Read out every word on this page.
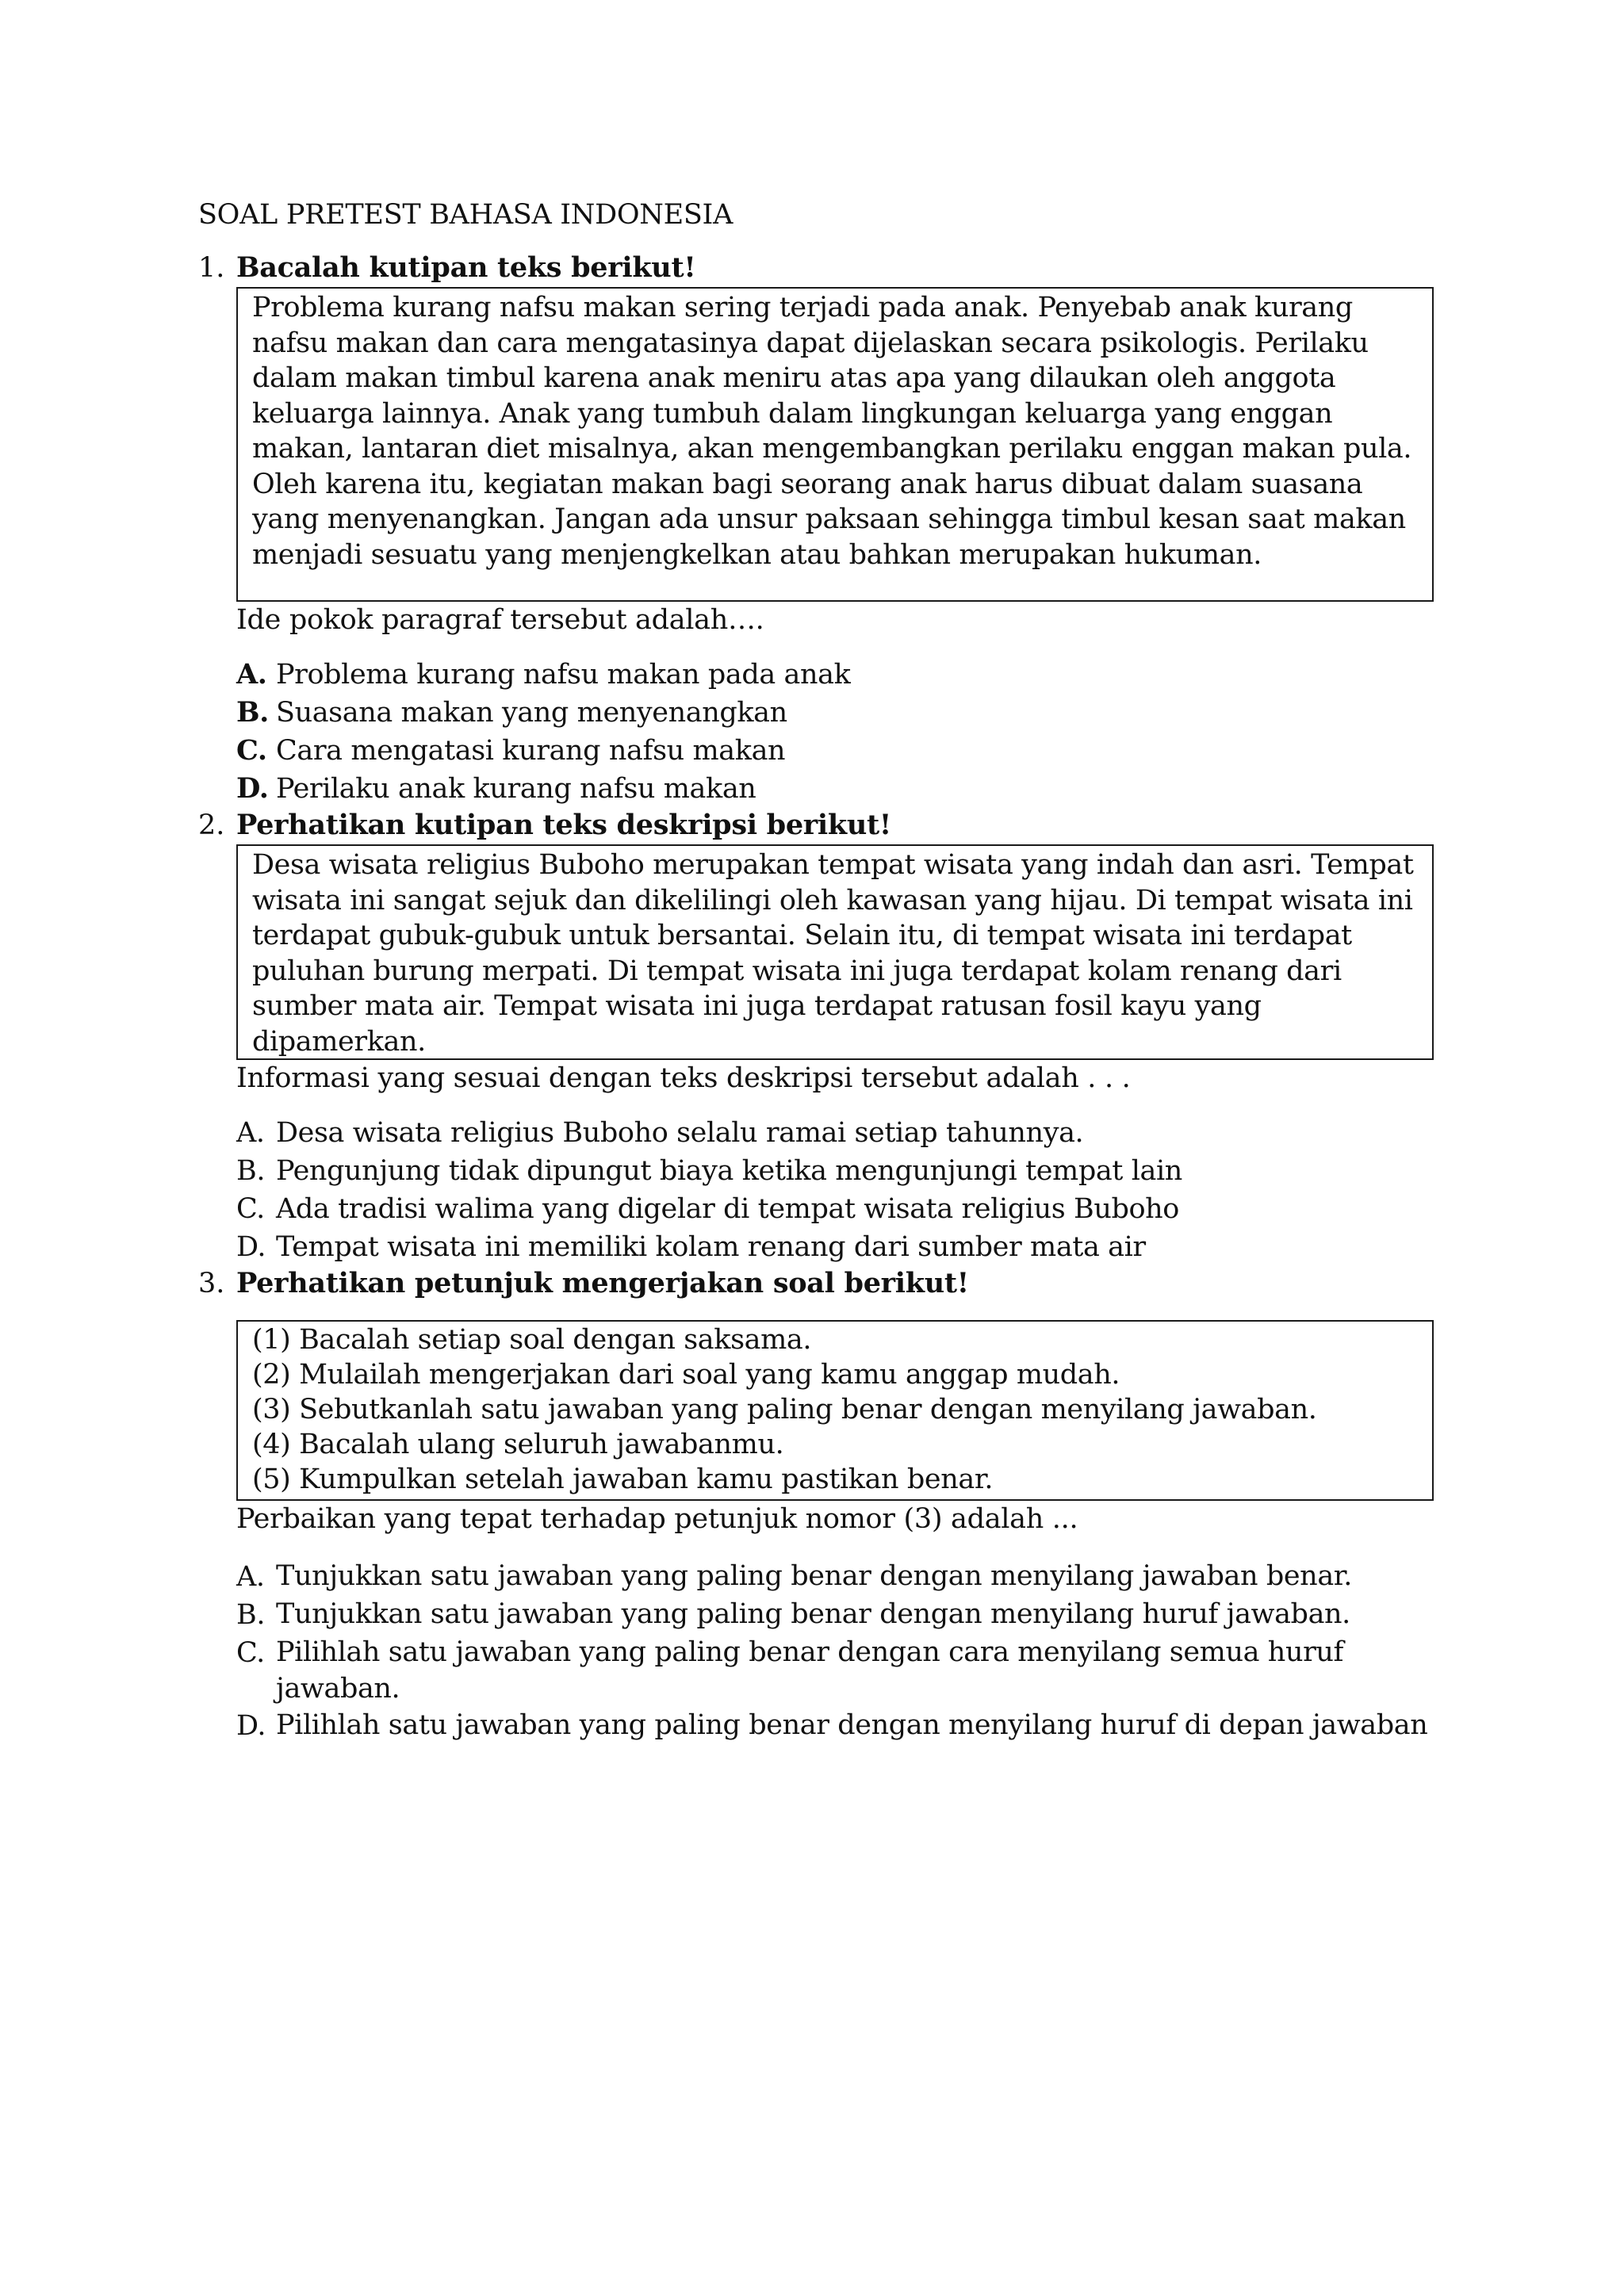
SOAL PRETEST BAHASA INDONESIA
1. Bacalah kutipan teks berikut!

Problema kurang nafsu makan sering terjadi pada anak. Penyebab anak kurang nafsu makan dan cara mengatasinya dapat dijelaskan secara psikologis. Perilaku dalam makan timbul karena anak meniru atas apa yang dilaukan oleh anggota keluarga lainnya. Anak yang tumbuh dalam lingkungan keluarga yang enggan makan, lantaran diet misalnya, akan mengembangkan perilaku enggan makan pula. Oleh karena itu, kegiatan makan bagi seorang anak harus dibuat dalam suasana yang menyenangkan. Jangan ada unsur paksaan sehingga timbul kesan saat makan menjadi sesuatu yang menjengkelkan atau bahkan merupakan hukuman.

Ide pokok paragraf tersebut adalah….
A. Problema kurang nafsu makan pada anak
B. Suasana makan yang menyenangkan
C. Cara mengatasi kurang nafsu makan
D. Perilaku anak kurang nafsu makan
2. Perhatikan kutipan teks deskripsi berikut!

Desa wisata religius Buboho merupakan tempat wisata yang indah dan asri. Tempat wisata ini sangat sejuk dan dikelilingi oleh kawasan yang hijau. Di tempat wisata ini terdapat gubuk-gubuk untuk bersantai. Selain itu, di tempat wisata ini terdapat puluhan burung merpati. Di tempat wisata ini juga terdapat kolam renang dari sumber mata air. Tempat wisata ini juga terdapat ratusan fosil kayu yang dipamerkan.

Informasi yang sesuai dengan teks deskripsi tersebut adalah . . .
A. Desa wisata religius Buboho selalu ramai setiap tahunnya.
B. Pengunjung tidak dipungut biaya ketika mengunjungi tempat lain
C. Ada tradisi walima yang digelar di tempat wisata religius Buboho
D. Tempat wisata ini memiliki kolam renang dari sumber mata air
3. Perhatikan petunjuk mengerjakan soal berikut!
(1) Bacalah setiap soal dengan saksama.
(2) Mulailah mengerjakan dari soal yang kamu anggap mudah.
(3) Sebutkanlah satu jawaban yang paling benar dengan menyilang jawaban.
(4) Bacalah ulang seluruh jawabanmu.
(5) Kumpulkan setelah jawaban kamu pastikan benar.
Perbaikan yang tepat terhadap petunjuk nomor (3) adalah ...
A. Tunjukkan satu jawaban yang paling benar dengan menyilang jawaban benar.
B. Tunjukkan satu jawaban yang paling benar dengan menyilang huruf jawaban.
C. Pilihlah satu jawaban yang paling benar dengan cara menyilang semua huruf jawaban.
D. Pilihlah satu jawaban yang paling benar dengan menyilang huruf di depan jawaban
